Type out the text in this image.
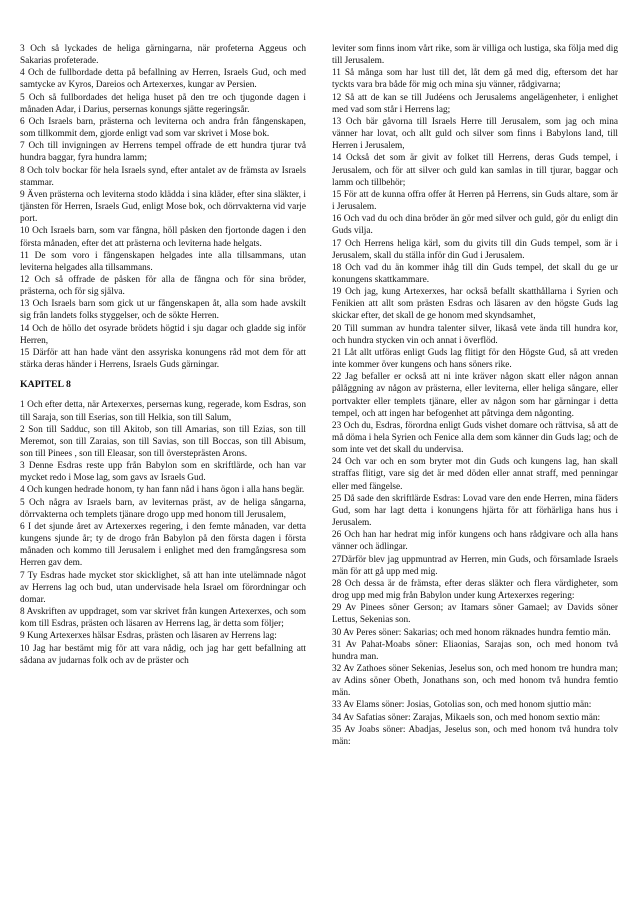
3 Och så lyckades de heliga gärningarna, när profeterna Aggeus och Sakarias profeterade.

4 Och de fullbordade detta på befallning av Herren, Israels Gud, och med samtycke av Kyros, Dareios och Artexerxes, kungar av Persien.

5 Och så fullbordades det heliga huset på den tre och tjugonde dagen i månaden Adar, i Darius, persernas konungs sjätte regeringsår.

6 Och Israels barn, prästerna och leviterna och andra från fångenskapen, som tillkommit dem, gjorde enligt vad som var skrivet i Mose bok.

7 Och till invigningen av Herrens tempel offrade de ett hundra tjurar två hundra baggar, fyra hundra lamm;

8 Och tolv bockar för hela Israels synd, efter antalet av de främsta av Israels stammar.

9 Även prästerna och leviterna stodo klädda i sina kläder, efter sina släkter, i tjänsten för Herren, Israels Gud, enligt Mose bok, och dörrvakterna vid varje port.

10 Och Israels barn, som var fångna, höll påsken den fjortonde dagen i den första månaden, efter det att prästerna och leviterna hade helgats.

11 De som voro i fångenskapen helgades inte alla tillsammans, utan leviterna helgades alla tillsammans.

12 Och så offrade de påsken för alla de fångna och för sina bröder, prästerna, och för sig själva.

13 Och Israels barn som gick ut ur fångenskapen åt, alla som hade avskilt sig från landets folks styggelser, och de sökte Herren.

14 Och de höllo det osyrade brödets högtid i sju dagar och gladde sig inför Herren,

15 Därför att han hade vänt den assyriska konungens råd mot dem för att stärka deras händer i Herrens, Israels Guds gärningar.

KAPITEL 8

1 Och efter detta, när Artexerxes, persernas kung, regerade, kom Esdras, son till Saraja, son till Eserias, son till Helkia, son till Salum,

2 Son till Sadduc, son till Akitob, son till Amarias, son till Ezias, son till Meremot, son till Zaraias, son till Savias, son till Boccas, son till Abisum, son till Pinees , son till Eleasar, son till översteprästen Arons.

3 Denne Esdras reste upp från Babylon som en skriftlärde, och han var mycket redo i Mose lag, som gavs av Israels Gud.

4 Och kungen hedrade honom, ty han fann nåd i hans ögon i alla hans begär.

5 Och några av Israels barn, av leviternas präst, av de heliga sångarna, dörrvakterna och templets tjänare drogo upp med honom till Jerusalem,

6 I det sjunde året av Artexerxes regering, i den femte månaden, var detta kungens sjunde år; ty de drogo från Babylon på den första dagen i första månaden och kommo till Jerusalem i enlighet med den framgångsresa som Herren gav dem.

7 Ty Esdras hade mycket stor skicklighet, så att han inte utelämnade något av Herrens lag och bud, utan undervisade hela Israel om förordningar och domar.

8 Avskriften av uppdraget, som var skrivet från kungen Artexerxes, och som kom till Esdras, prästen och läsaren av Herrens lag, är detta som följer;

9 Kung Artexerxes hälsar Esdras, prästen och läsaren av Herrens lag:

10 Jag har bestämt mig för att vara nådig, och jag har gett befallning att sådana av judarnas folk och av de präster och

leviter som finns inom vårt rike, som är villiga och lustiga, ska följa med dig till Jerusalem.

11 Så många som har lust till det, låt dem gå med dig, eftersom det har tyckts vara bra både för mig och mina sju vänner, rådgivarna;

12 Så att de kan se till Judéens och Jerusalems angelägenheter, i enlighet med vad som står i Herrens lag;

13 Och bär gåvorna till Israels Herre till Jerusalem, som jag och mina vänner har lovat, och allt guld och silver som finns i Babylons land, till Herren i Jerusalem,

14 Också det som är givit av folket till Herrens, deras Guds tempel, i Jerusalem, och för att silver och guld kan samlas in till tjurar, baggar och lamm och tillbehör;

15 För att de kunna offra offer åt Herren på Herrens, sin Guds altare, som är i Jerusalem.

16 Och vad du och dina bröder än gör med silver och guld, gör du enligt din Guds vilja.

17 Och Herrens heliga kärl, som du givits till din Guds tempel, som är i Jerusalem, skall du ställa inför din Gud i Jerusalem.

18 Och vad du än kommer ihåg till din Guds tempel, det skall du ge ur konungens skattkammare.

19 Och jag, kung Artexerxes, har också befallt skatthållarna i Syrien och Fenikien att allt som prästen Esdras och läsaren av den högste Guds lag skickar efter, det skall de ge honom med skyndsamhet,

20 Till summan av hundra talenter silver, likaså vete ända till hundra kor, och hundra stycken vin och annat i överflöd.

21 Låt allt utföras enligt Guds lag flitigt för den Högste Gud, så att vreden inte kommer över kungens och hans söners rike.

22 Jag befaller er också att ni inte kräver någon skatt eller någon annan pålåggning av någon av prästerna, eller leviterna, eller heliga sångare, eller portvakter eller templets tjänare, eller av någon som har gärningar i detta tempel, och att ingen har befogenhet att påtvinga dem någonting.

23 Och du, Esdras, förordna enligt Guds vishet domare och rättvisa, så att de må döma i hela Syrien och Fenice alla dem som känner din Guds lag; och de som inte vet det skall du undervisa.

24 Och var och en som bryter mot din Guds och kungens lag, han skall straffas flitigt, vare sig det är med döden eller annat straff, med penningar eller med fängelse.

25 Då sade den skriftlärde Esdras: Lovad vare den ende Herren, mina fäders Gud, som har lagt detta i konungens hjärta för att förhärliga hans hus i Jerusalem.

26 Och han har hedrat mig inför kungens och hans rådgivare och alla hans vänner och ädlingar.

27Därför blev jag uppmuntrad av Herren, min Guds, och församlade Israels män för att gå upp med mig.

28 Och dessa är de främsta, efter deras släkter och flera värdigheter, som drog upp med mig från Babylon under kung Artexerxes regering:

29 Av Pinees söner Gerson; av Itamars söner Gamael; av Davids söner Lettus, Sekenias son.

30 Av Peres söner: Sakarias; och med honom räknades hundra femtio män.

31 Av Pahat-Moabs söner: Eliaonias, Sarajas son, och med honom två hundra man.

32 Av Zathoes söner Sekenias, Jeselus son, och med honom tre hundra man; av Adins söner Obeth, Jonathans son, och med honom två hundra femtio män.

33 Av Elams söner: Josias, Gotolias son, och med honom sjuttio män:

34 Av Safatias söner: Zarajas, Mikaels son, och med honom sextio män:

35 Av Joabs söner: Abadjas, Jeselus son, och med honom två hundra tolv män:
